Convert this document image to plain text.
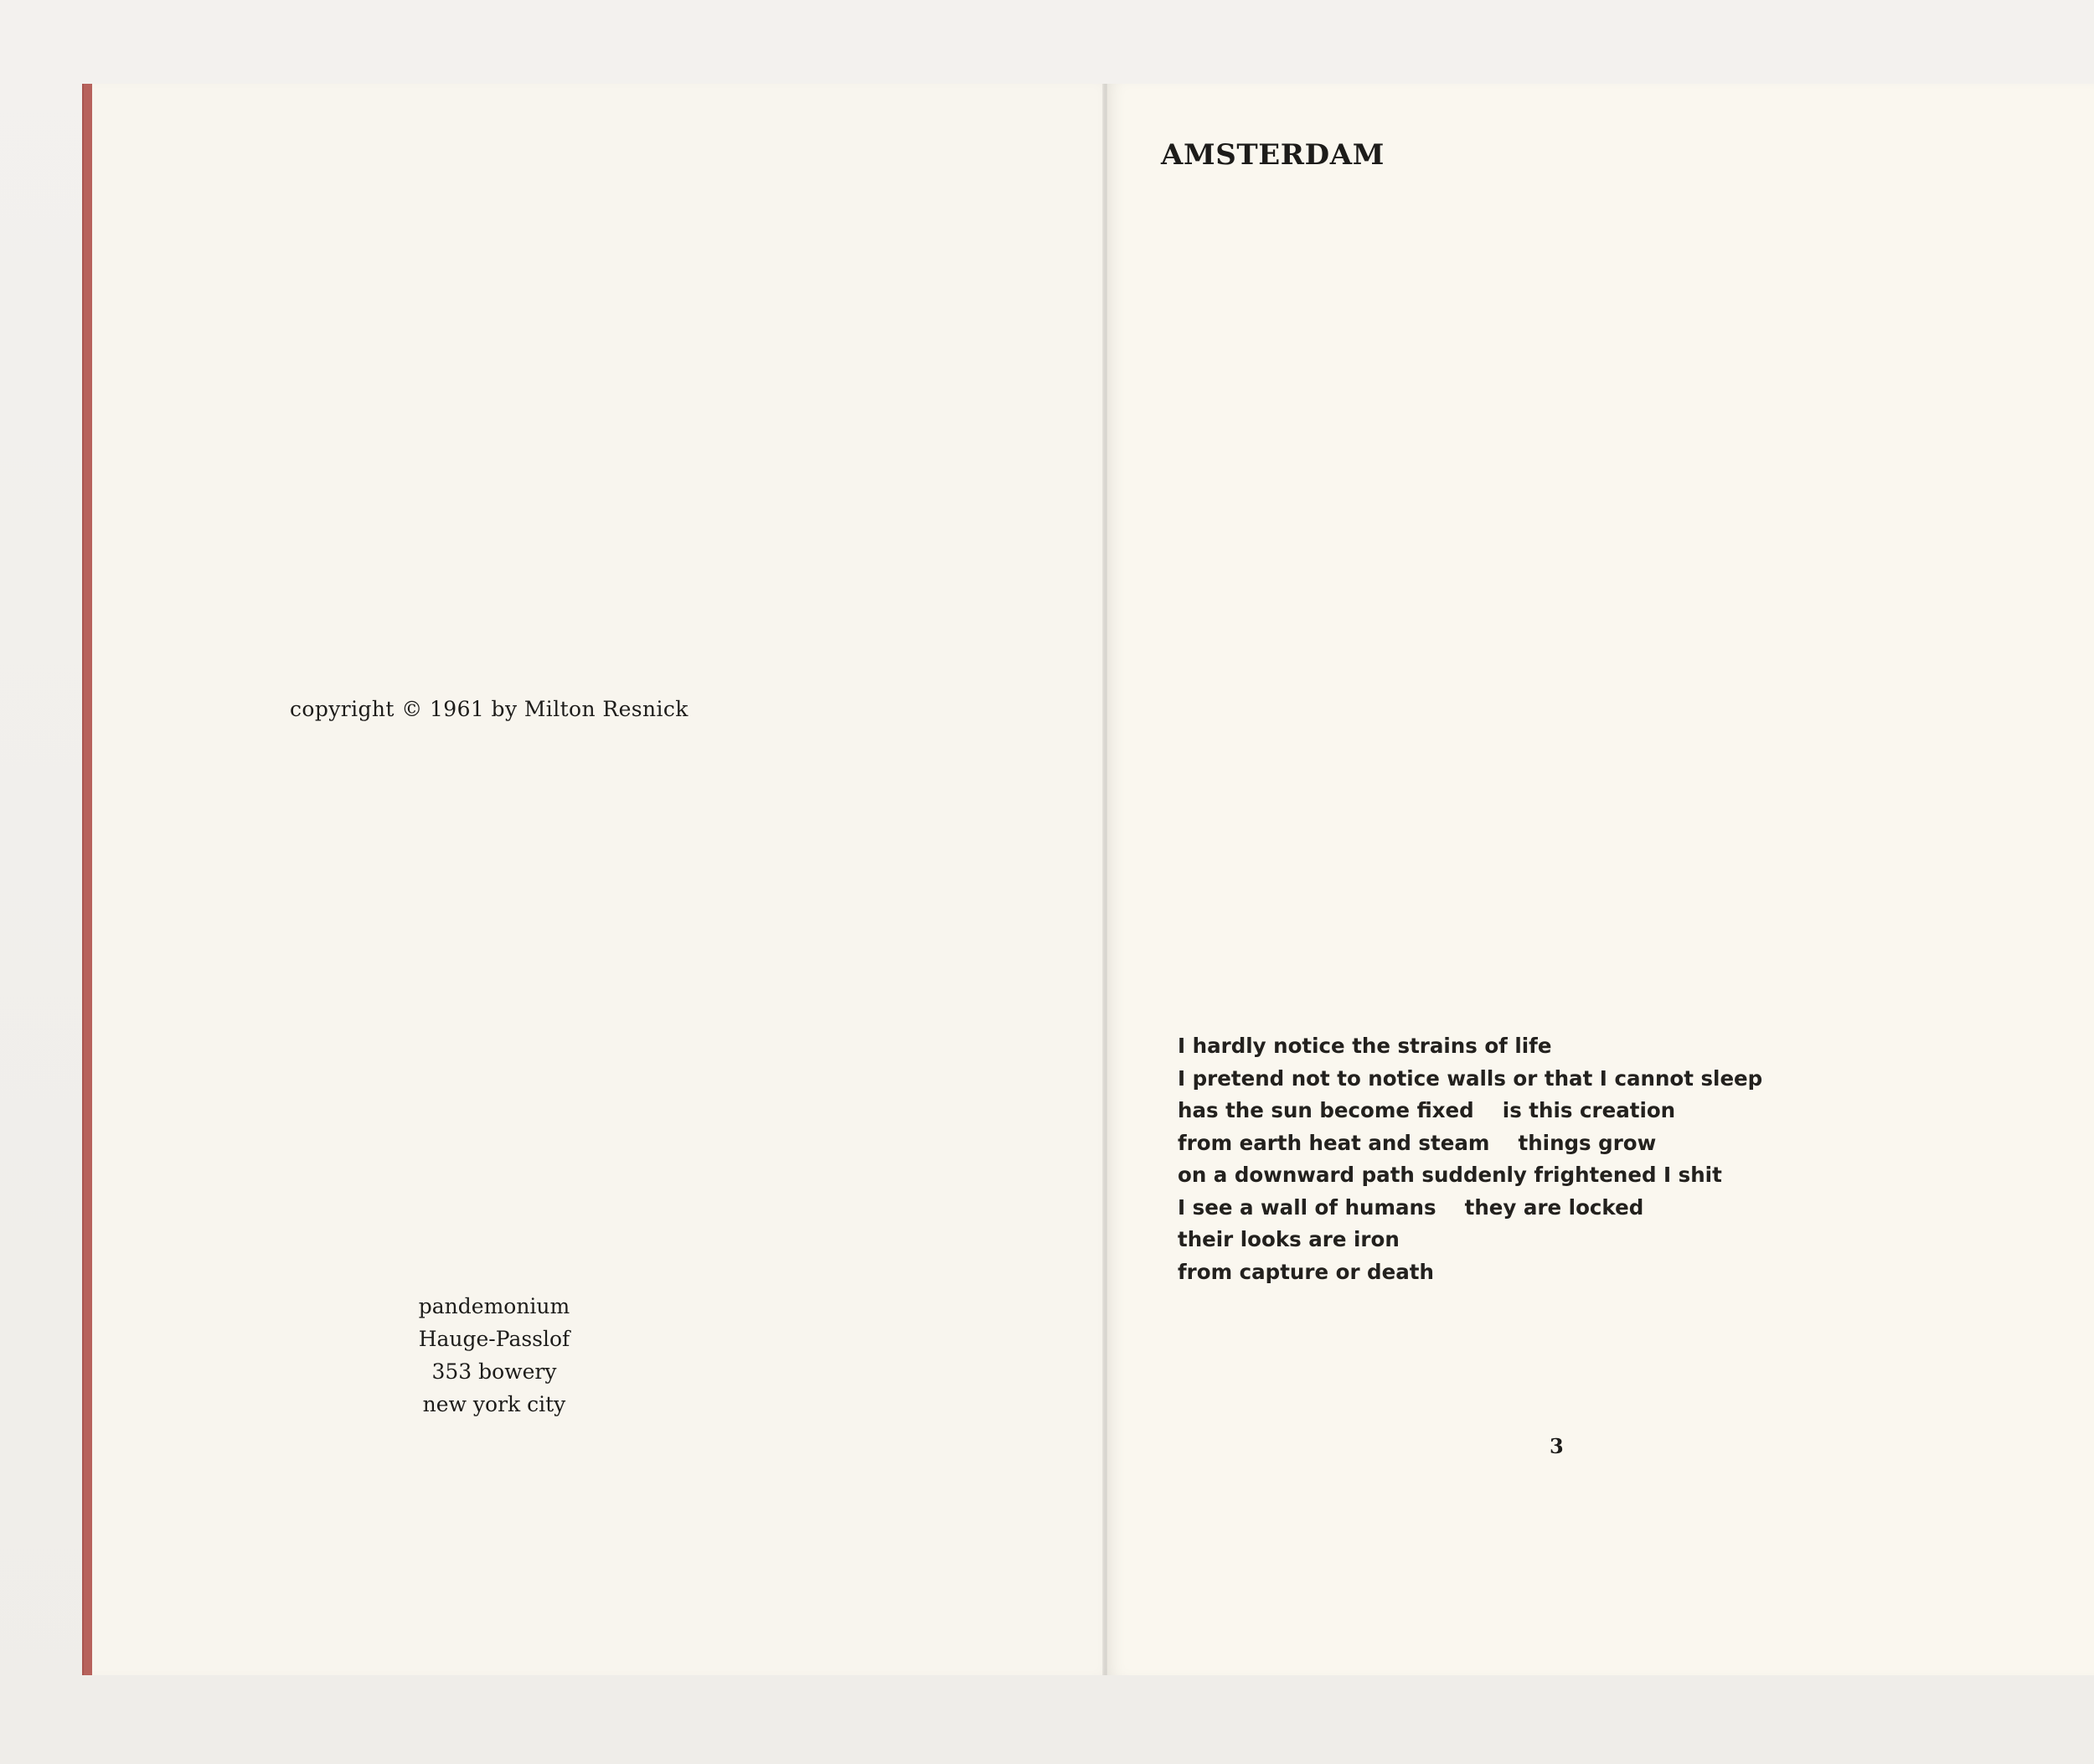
copyright © 1961 by Milton Resnick
pandemonium
Hauge-Passlof
353 bowery
new york city
AMSTERDAM
I hardly notice the strains of life
I pretend not to notice walls or that I cannot sleep
has the sun become fixed    is this creation
from earth heat and steam    things grow
on a downward path suddenly frightened I shit
I see a wall of humans    they are locked
their looks are iron
from capture or death
3
